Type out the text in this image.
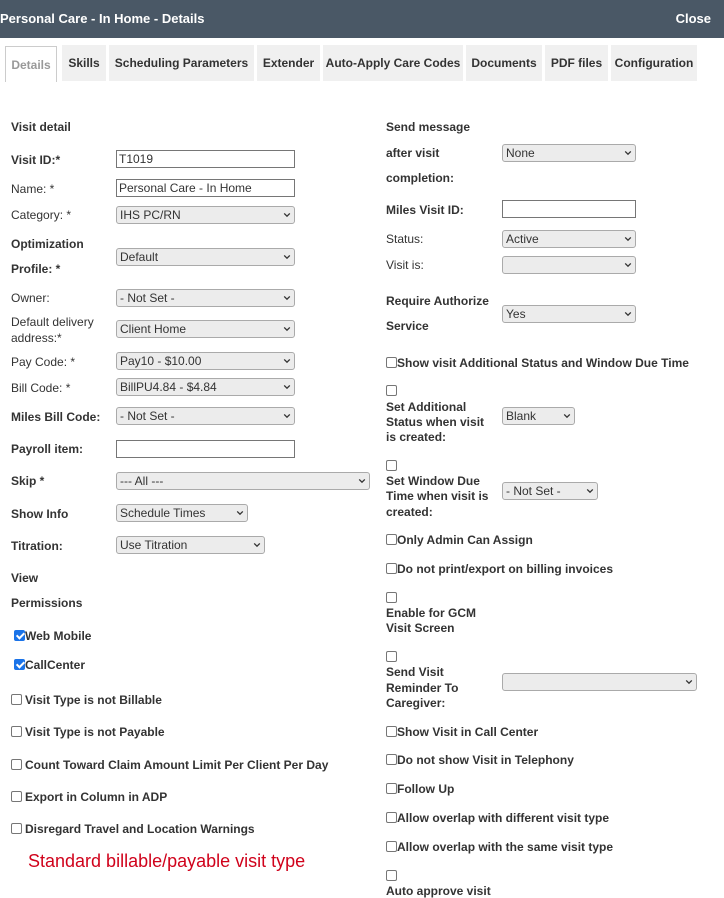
Personal Care - In Home - Details	Close
Details	Skills	Scheduling Parameters	Extender Auto-Apply Care Codes Documents	PDF files	Configuration
Visit detail
Visit ID:*	T1019
Name: *	Personal Care - In Home
Category: *	IHS PC/RN
Optimization
Profile: *
Default
Owner:	- Not Set -
Default delivery
address:*
Client Home
Pay Code: *	Pay10 - $10.00
Bill Code: *	BillPU4.84 - $4.84
Miles Bill Code: - Not Set -
Payroll item:
Skip *	--- All ---
Show Info	Schedule Times
Titration:	Use Titration
View
Permissions
Web Mobile
CallCenter
Visit Type is not Billable
Visit Type is not Payable
Count Toward Claim Amount Limit Per Client Per Day
Export in Column in ADP
Disregard Travel and Location Warnings
Standard billable/payable visit type
Send message
after visit
completion:
None
Miles Visit ID:
Status:	Active
Visit is:
Require Authorize
Service
Yes
Show visit Additional Status and Window Due Time
Set Additional
Status when visit
is created:
Blank
Set Window Due
Time when visit is
created:
- Not Set -
Only Admin Can Assign
Do not print/export on billing invoices
Enable for GCM
Visit Screen
Send Visit
Reminder To
Caregiver:
Show Visit in Call Center
Do not show Visit in Telephony
Follow Up
Allow overlap with different visit type
Allow overlap with the same visit type
Auto approve visit
